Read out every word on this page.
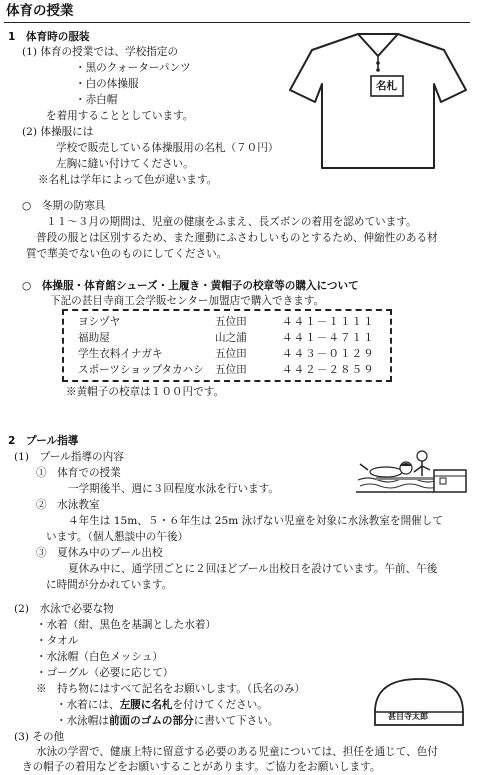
体育の授業
1　体育時の服装
(1) 体育の授業では、学校指定の
・黒のクォーターパンツ
・白の体操服
・赤白帽
を着用することとしています。
(2) 体操服には
学校で販売している体操服用の名札（７０円）
左胸に縫い付けてください。
※名札は学年によって色が違います。
名札
○　冬期の防寒具
１１～３月の期間は、児童の健康をふまえ、長ズボンの着用を認めています。
普段の服とは区別するため、また運動にふさわしいものとするため、伸縮性のある材
質で華美でない色のものにしてください。
○　体操服・体育館シューズ・上履き・黄帽子の校章等の購入について
下記の甚目寺商工会学販センター加盟店で購入できます。
ヨシヅヤ	五位田	４４１－１１１１
福助屋	山之浦	４４１－４７１１
学生衣料イナガキ	五位田	４４３－０１２９
スポーツショップタカハシ 五位田	４４２－２８５９
※黄帽子の校章は１００円です。
2　プール指導
(1)　プール指導の内容
①　体育での授業
一学期後半、週に３回程度水泳を行います。
②　水泳教室
４年生は 15m、５・６年生は 25m 泳げない児童を対象に水泳教室を開催して
います。（個人懇談中の午後）
③　夏休み中のプール出校
夏休み中に、通学団ごとに２回ほどプール出校日を設けています。午前、午後
に時間が分かれています。
(2)　水泳で必要な物
・水着（紺、黒色を基調とした水着）
・タオル
・水泳帽（白色メッシュ）
・ゴーグル（必要に応じて）
※　持ち物にはすべて記名をお願いします。（氏名のみ）
・水着には、左腰に名札を付けてください。
・水泳帽は前面のゴムの部分に書いて下さい。	甚目寺太郎
(3) その他
水泳の学習で、健康上特に留意する必要のある児童については、担任を通じて、色付
きの帽子の着用などをお願いすることがあります。ご協力をお願いします。
